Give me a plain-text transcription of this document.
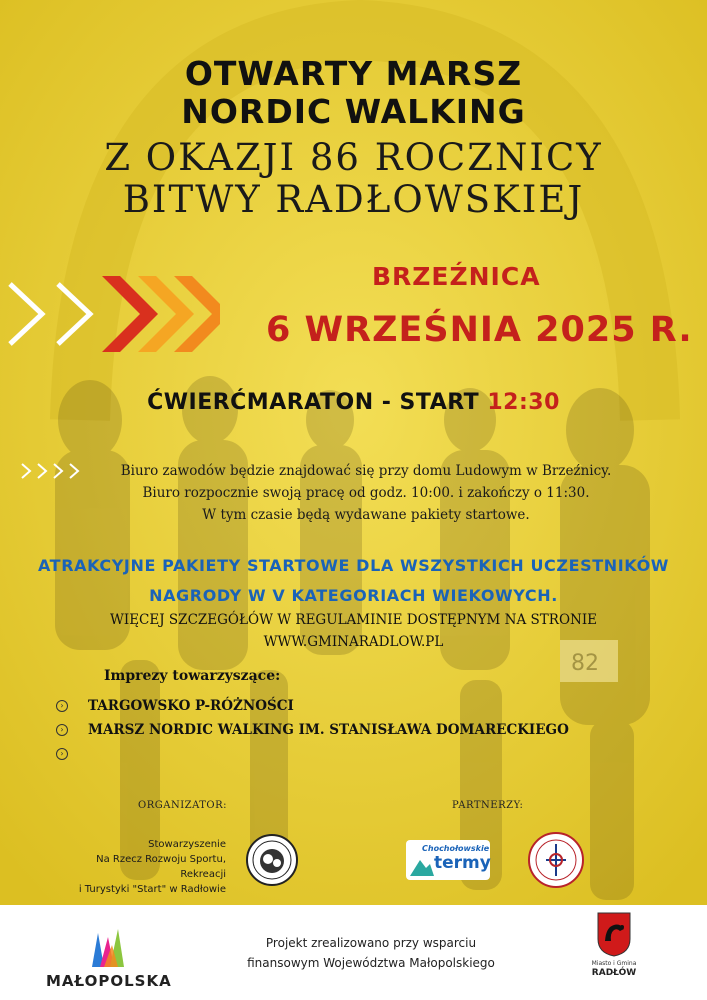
82
OTWARTY MARSZ
NORDIC WALKING
Z OKAZJI 86 ROCZNICY
BITWY RADŁOWSKIEJ
BRZEŹNICA
6 WRZEŚNIA 2025 R.
ĆWIERĆMARATON - START 12:30
Biuro zawodów będzie znajdować się przy domu Ludowym w Brzeźnicy.
Biuro rozpocznie swoją pracę od godz. 10:00. i zakończy o 11:30.
W tym czasie będą wydawane pakiety startowe.
ATRAKCYJNE PAKIETY STARTOWE DLA WSZYSTKICH UCZESTNIKÓW
NAGRODY W V KATEGORIACH WIEKOWYCH.
WIĘCEJ SZCZEGÓŁÓW W REGULAMINIE DOSTĘPNYM NA STRONIE
WWW.GMINARADLOW.PL
Imprezy towarzyszące:
›	TARGOWSKO P-RÓŻNOŚCI
›	MARSZ NORDIC WALKING IM. STANISŁAWA DOMARECKIEGO
›
ORGANIZATOR:
Stowarzyszenie
Na Rzecz Rozwoju Sportu, Rekreacji
i Turystyki "Start" w Radłowie
PARTNERZY:
Chochołowskie
termy
MAŁOPOLSKA
Projekt zrealizowano przy wsparciu
finansowym Województwa Małopolskiego	Miasto i Gmina
RADŁÓW
